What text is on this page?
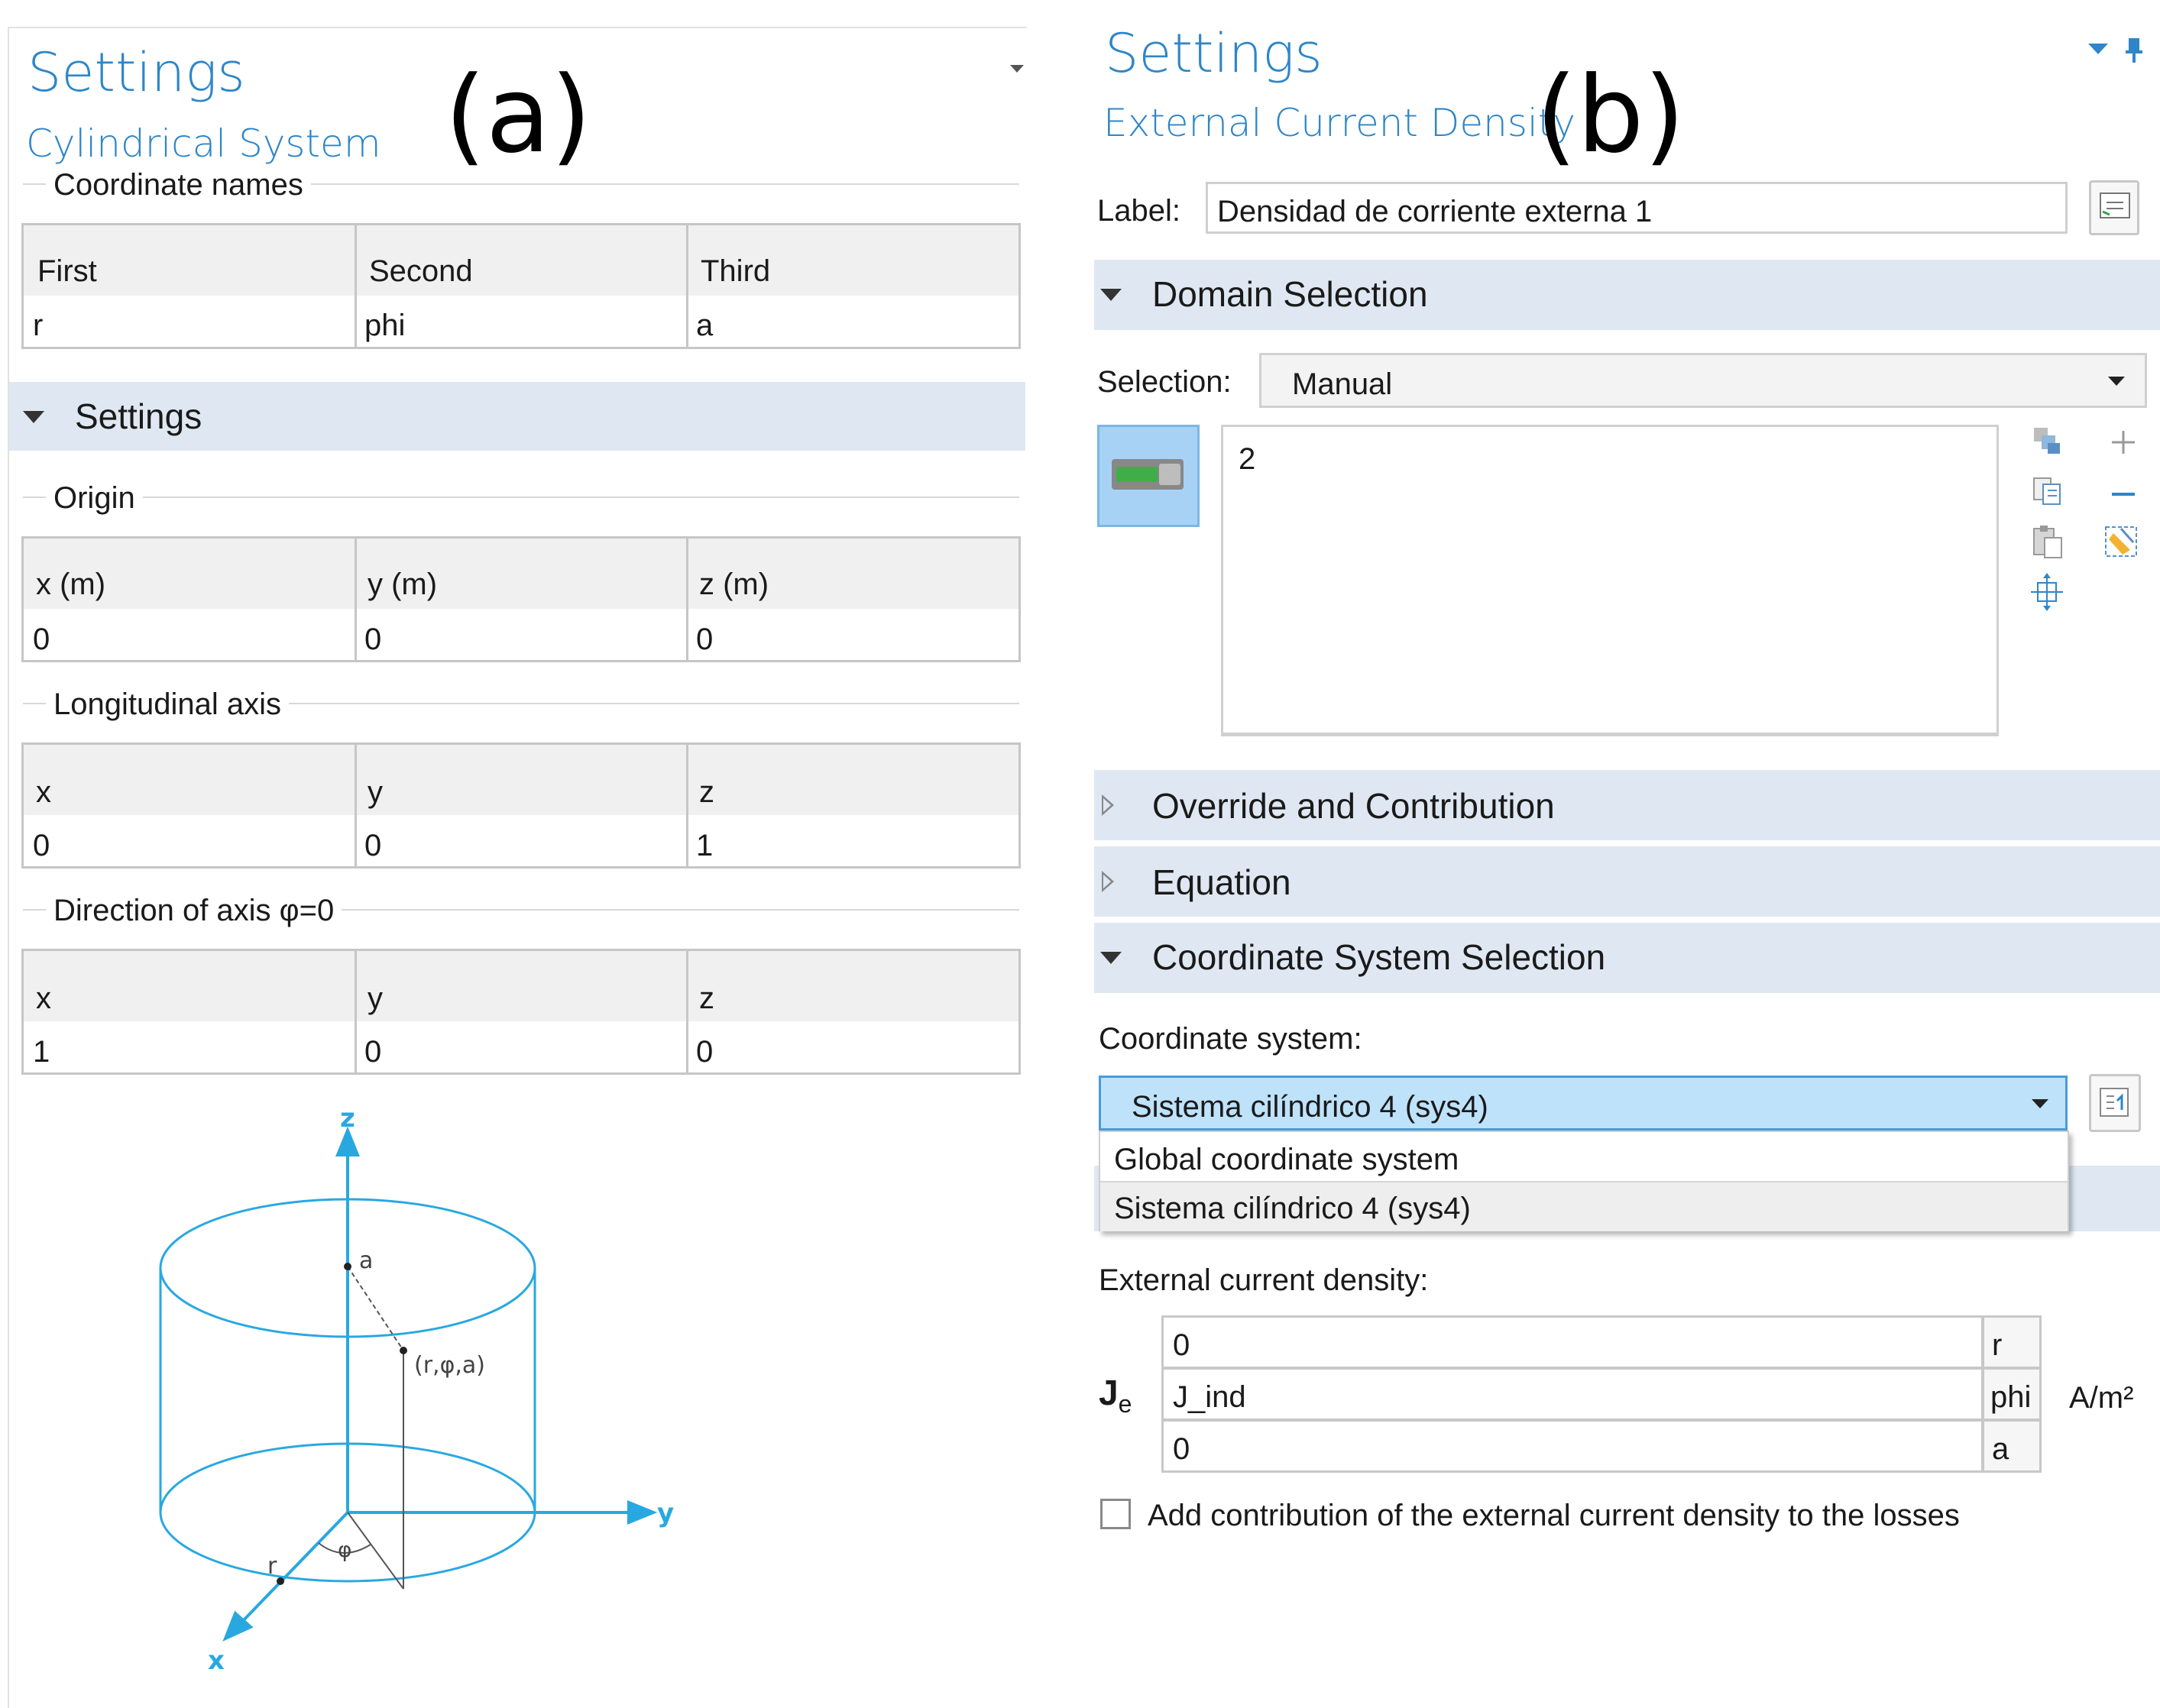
Settings
Cylindrical System (a)
Coordinate names
First	Second	Third
r	phi	a
Settings
Origin
x (m)	y (m)	z (m)
0	0	0
Longitudinal axis
x	y	z
0	0	1
Direction of axis φ=0
x	y	z
1	0	0
z
y
x
a
(r,φ,a)
r
φ
Settings
External Current Density
(b)
Label: Densidad de corriente externa 1
Domain Selection
Selection: Manual
2
Override and Contribution
Equation
Coordinate System Selection
Coordinate system:
Sistema cilíndrico 4 (sys4)
Global coordinate system
Sistema cilíndrico 4 (sys4)
External current density:
$J_e$
0	r
J_ind	phi
0	a
A/m²
Add contribution of the external current density to the losses
